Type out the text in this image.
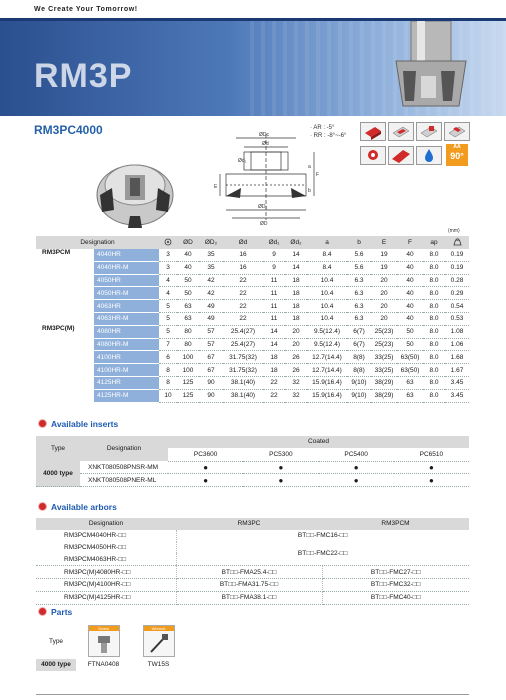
We Create Your Tomorrow!
RM3P
RM3PC4000	ØDc
Ød
Ød₁
E
F
a
b
ØD₂
ØD
· AR : -5°
· RR : -8°~-6°
AA
90°
(mm)
Designation			ØD	ØD₂	Ød	Ød₁	Ød₂	a	b	E	F	ap	
RM3PCM	4040HR	3	40	35	16	9	14	8.4	5.6	19	40	8.0	0.19
	4040HR-M	3	40	35	16	9	14	8.4	5.6	19	40	8.0	0.19
	4050HR	4	50	42	22	11	18	10.4	6.3	20	40	8.0	0.28
	4050HR-M	4	50	42	22	11	18	10.4	6.3	20	40	8.0	0.29
	4063HR	5	63	49	22	11	18	10.4	6.3	20	40	8.0	0.54
	4063HR-M	5	63	49	22	11	18	10.4	6.3	20	40	8.0	0.53
RM3PC(M)	4080HR	5	80	57	25.4(27)	14	20	9.5(12.4)	6(7)	25(23)	50	8.0	1.08
	4080HR-M	7	80	57	25.4(27)	14	20	9.5(12.4)	6(7)	25(23)	50	8.0	1.06
	4100HR	6	100	67	31.75(32)	18	26	12.7(14.4)	8(8)	33(25)	63(50)	8.0	1.68
	4100HR-M	8	100	67	31.75(32)	18	26	12.7(14.4)	8(8)	33(25)	63(50)	8.0	1.67
	4125HR	8	125	90	38.1(40)	22	32	15.9(16.4)	9(10)	38(29)	63	8.0	3.45
	4125HR-M	10	125	90	38.1(40)	22	32	15.9(16.4)	9(10)	38(29)	63	8.0	3.45
Available inserts
Type	Designation	Coated			
		PC3600	PC5300	PC5400	PC6510
4000 type	XNKT080508PNSR-MM	●	●	●	●
	XNKT080508PNER-ML	●	●	●	●
Available arbors
Designation	RM3PC	RM3PCM
RM3PCM4040HR-□□	BT□□-FMC16-□□	
RM3PCM4050HR-□□	BT□□-FMC22-□□	
RM3PCM4063HR-□□		
RM3PC(M)4080HR-□□	BT□□-FMA25.4-□□	BT□□-FMC27-□□
RM3PC(M)4100HR-□□	BT□□-FMA31.75-□□	BT□□-FMC32-□□
RM3PC(M)4125HR-□□	BT□□-FMA38.1-□□	BT□□-FMC40-□□
Parts
Type	Screw	Wrench

4000 type	FTNA0408	TW15S
